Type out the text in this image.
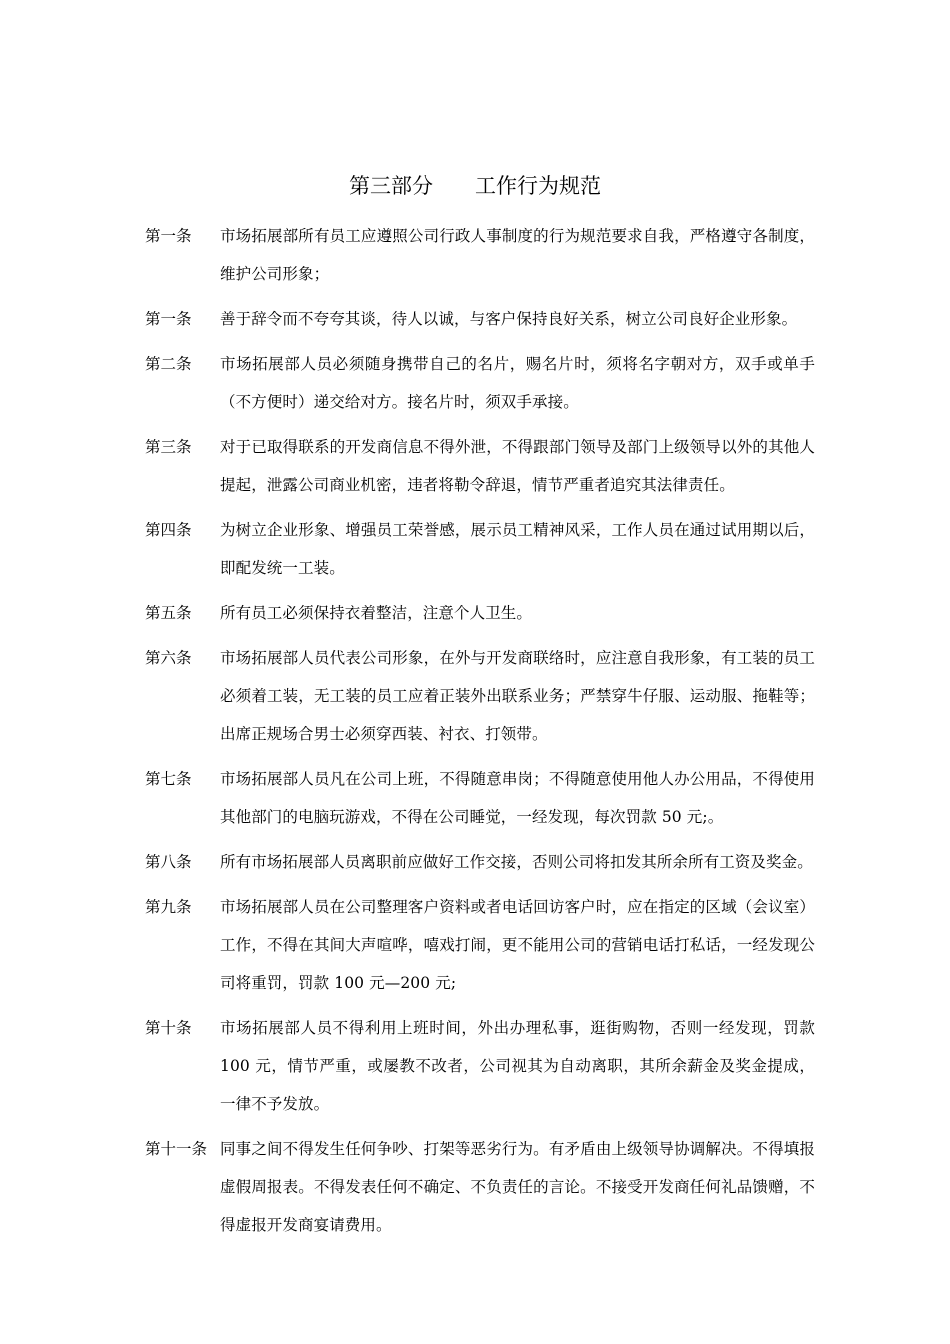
第三部分　　工作行为规范
第一条	市场拓展部所有员工应遵照公司行政人事制度的行为规范要求自我，严格遵守各制度，维护公司形象；
第一条	善于辞令而不夸夸其谈，待人以诚，与客户保持良好关系，树立公司良好企业形象。
第二条	市场拓展部人员必须随身携带自己的名片，赐名片时，须将名字朝对方，双手或单手（不方便时）递交给对方。接名片时，须双手承接。
第三条	对于已取得联系的开发商信息不得外泄，不得跟部门领导及部门上级领导以外的其他人提起，泄露公司商业机密，违者将勒令辞退，情节严重者追究其法律责任。
第四条	为树立企业形象、增强员工荣誉感，展示员工精神风采，工作人员在通过试用期以后，即配发统一工装。
第五条	所有员工必须保持衣着整洁，注意个人卫生。
第六条	市场拓展部人员代表公司形象，在外与开发商联络时，应注意自我形象，有工装的员工必须着工装，无工装的员工应着正装外出联系业务；严禁穿牛仔服、运动服、拖鞋等；出席正规场合男士必须穿西装、衬衣、打领带。
第七条	市场拓展部人员凡在公司上班，不得随意串岗；不得随意使用他人办公用品，不得使用其他部门的电脑玩游戏，不得在公司睡觉，一经发现，每次罚款 50 元;。
第八条	所有市场拓展部人员离职前应做好工作交接，否则公司将扣发其所余所有工资及奖金。
第九条	市场拓展部人员在公司整理客户资料或者电话回访客户时，应在指定的区域（会议室）工作，不得在其间大声喧哗，嘻戏打闹，更不能用公司的营销电话打私话，一经发现公司将重罚，罚款 100 元—200 元;
第十条	市场拓展部人员不得利用上班时间，外出办理私事，逛街购物，否则一经发现，罚款 100 元，情节严重，或屡教不改者，公司视其为自动离职，其所余薪金及奖金提成，一律不予发放。
第十一条 同事之间不得发生任何争吵、打架等恶劣行为。有矛盾由上级领导协调解决。不得填报虚假周报表。不得发表任何不确定、不负责任的言论。不接受开发商任何礼品馈赠，不得虚报开发商宴请费用。
